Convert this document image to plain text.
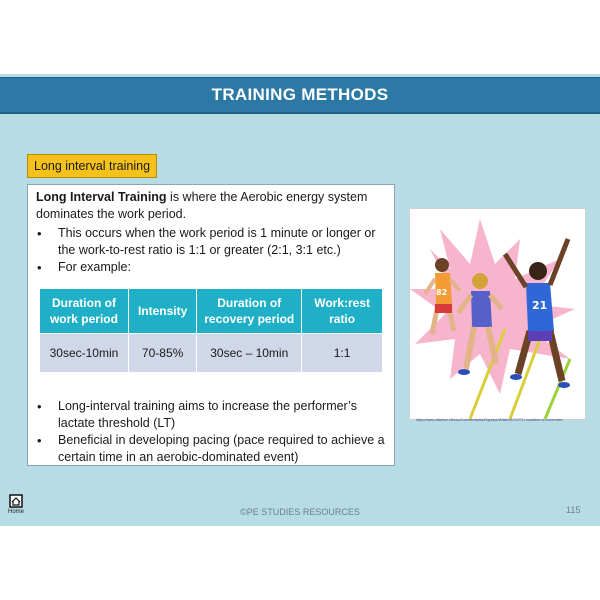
TRAINING METHODS
Long interval training
Long Interval Training is where the Aerobic energy system dominates the work period.
• This occurs when the work period is 1 minute or longer or the work-to-rest ratio is 1:1 or greater (2:1, 3:1 etc.)
• For example:
Duration of work period	Intensity	Duration of recovery period	Work:rest ratio
30sec-10min	70-85%	30sec – 10min	1:1
• Long-interval training aims to increase the performer’s lactate threshold (LT)
• Beneficial in developing pacing (pace required to achieve a certain time in an aerobic-dominated event)
82
21
https://www.offsetsm.hfbeau/Commentaries/Displays/Wlistle/SG1/271/-marathon-to-remember/
Home	©PE STUDIES RESOURCES	115
